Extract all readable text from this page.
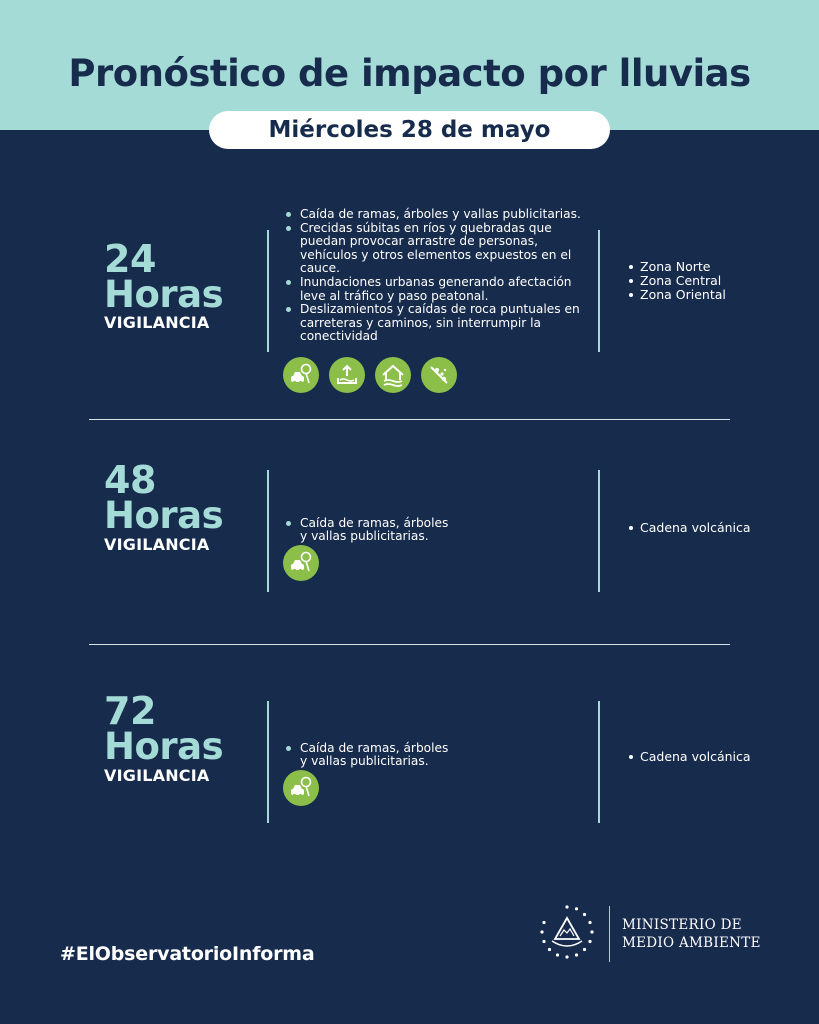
Pronóstico de impacto por lluvias
Miércoles 28 de mayo
24
Horas
VIGILANCIA
Caída de ramas, árboles y vallas publicitarias.
Crecidas súbitas en ríos y quebradas que puedan provocar arrastre de personas, vehículos y otros elementos expuestos en el cauce.
Inundaciones urbanas generando afectación leve al tráfico y paso peatonal.
Deslizamientos y caídas de roca puntuales en carreteras y caminos, sin interrumpir la conectividad
Zona Norte
Zona Central
Zona Oriental
48
Horas
VIGILANCIA

Caída de ramas, árboles
y vallas publicitarias.

Cadena volcánica
72
Horas
VIGILANCIA

Caída de ramas, árboles
y vallas publicitarias.	Cadena volcánica
#ElObservatorioInforma
MINISTERIO DE
MEDIO AMBIENTE
